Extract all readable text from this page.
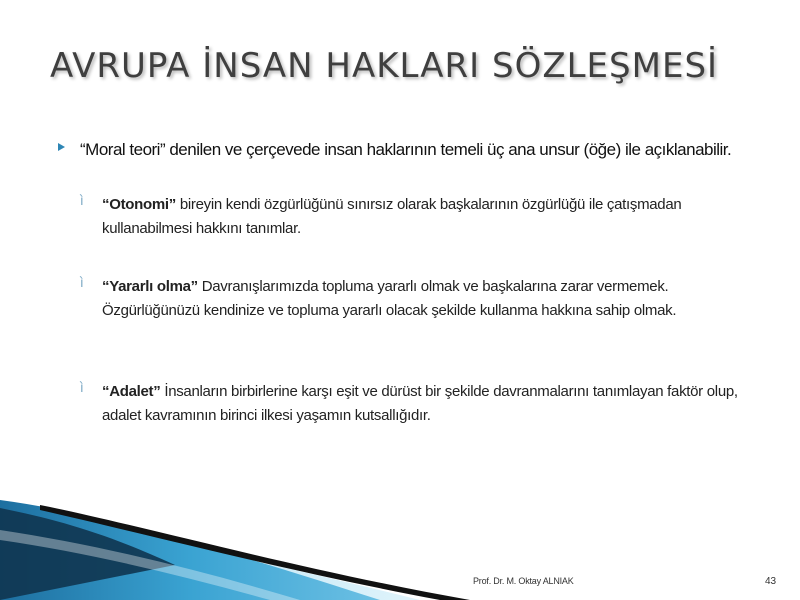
AVRUPA İNSAN HAKLARI SÖZLEŞMESİ
“Moral teori” denilen ve çerçevede insan haklarının temeli üç ana unsur (öğe) ile açıklanabilir.
ì “Otonomi” bireyin kendi özgürlüğünü sınırsız olarak başkalarının özgürlüğü ile çatışmadan kullanabilmesi hakkını tanımlar.
ì “Yararlı olma” Davranışlarımızda topluma yararlı olmak ve başkalarına zarar vermemek. Özgürlüğünüzü kendinize ve topluma yararlı olacak şekilde kullanma hakkına sahip olmak.
ì “Adalet” İnsanların birbirlerine karşı eşit ve dürüst bir şekilde davranmalarını tanımlayan faktör olup, adalet kavramının birinci ilkesi yaşamın kutsallığıdır.
Prof. Dr. M. Oktay ALNIAK	43
